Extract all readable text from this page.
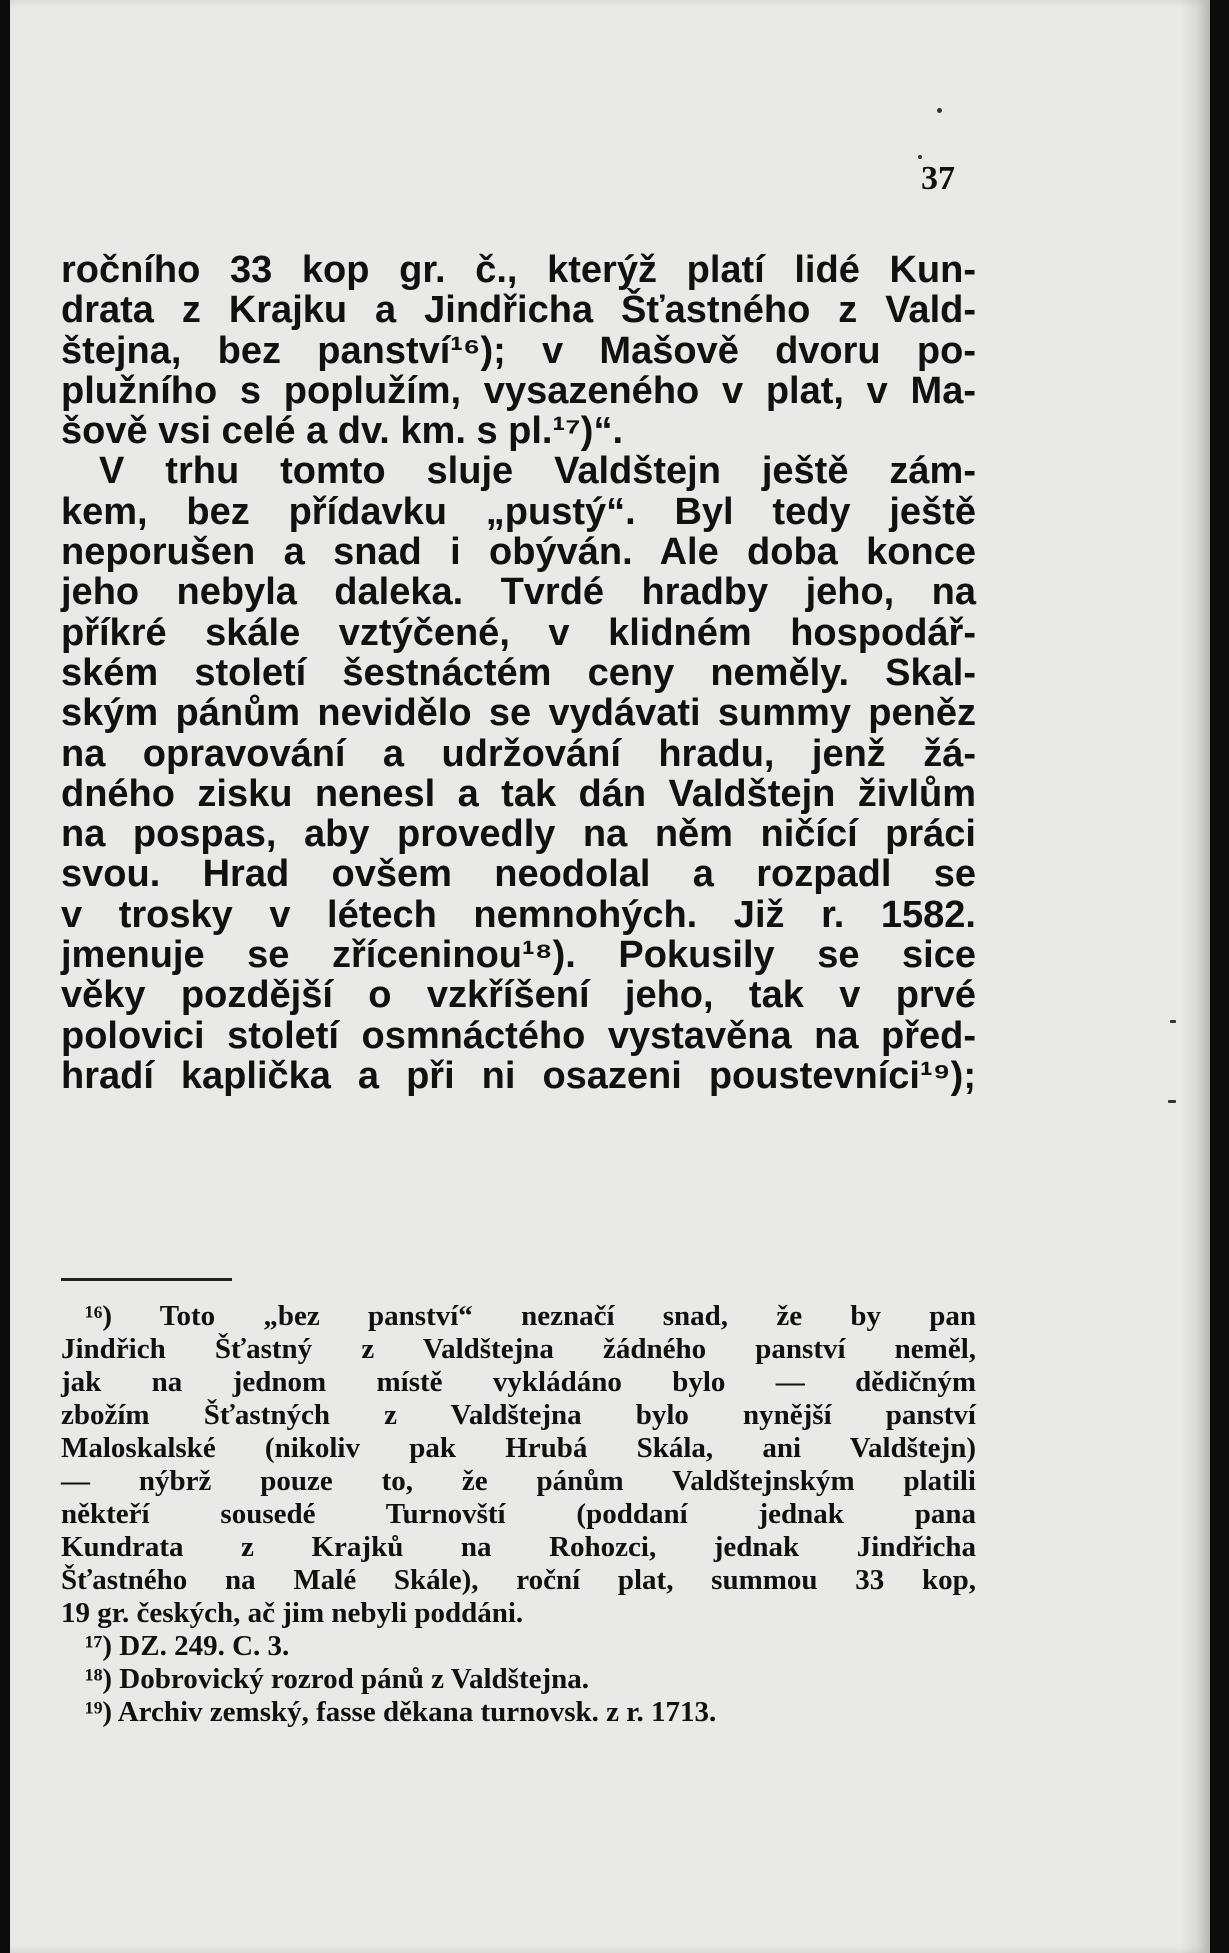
37
ročního 33 kop gr. č., kterýž platí lidé Kun-
drata z Krajku a Jindřicha Šťastného z Vald-
štejna, bez panství¹⁶); v Mašově dvoru po-
plužního s poplužím, vysazeného v plat, v Ma-
šově vsi celé a dv. km. s pl.¹⁷)“.
V trhu tomto sluje Valdštejn ještě zám-
kem, bez přídavku „pustý“. Byl tedy ještě
neporušen a snad i obýván. Ale doba konce
jeho nebyla daleka. Tvrdé hradby jeho, na
příkré skále vztýčené, v klidném hospodář-
ském století šestnáctém ceny neměly. Skal-
ským pánům nevidělo se vydávati summy peněz
na opravování a udržování hradu, jenž žá-
dného zisku nenesl a tak dán Valdštejn živlům
na pospas, aby provedly na něm ničící práci
svou. Hrad ovšem neodolal a rozpadl se
v trosky v létech nemnohých. Již r. 1582.
jmenuje se zříceninou¹⁸). Pokusily se sice
věky pozdější o vzkříšení jeho, tak v prvé
polovici století osmnáctého vystavěna na před-
hradí kaplička a při ni osazeni poustevníci¹⁹);
¹⁶) Toto „bez panství“ neznačí snad, že by pan
Jindřich Šťastný z Valdštejna žádného panství neměl,
jak na jednom místě vykládáno bylo — dědičným
zbožím Šťastných z Valdštejna bylo nynější panství
Maloskalské (nikoliv pak Hrubá Skála, ani Valdštejn)
— nýbrž pouze to, že pánům Valdštejnským platili
někteří sousedé Turnovští (poddaní jednak pana
Kundrata z Krajků na Rohozci, jednak Jindřicha
Šťastného na Malé Skále), roční plat, summou 33 kop,
19 gr. českých, ač jim nebyli poddáni.
¹⁷) DZ. 249. C. 3.
¹⁸) Dobrovický rozrod pánů z Valdštejna.
¹⁹) Archiv zemský, fasse děkana turnovsk. z r. 1713.
